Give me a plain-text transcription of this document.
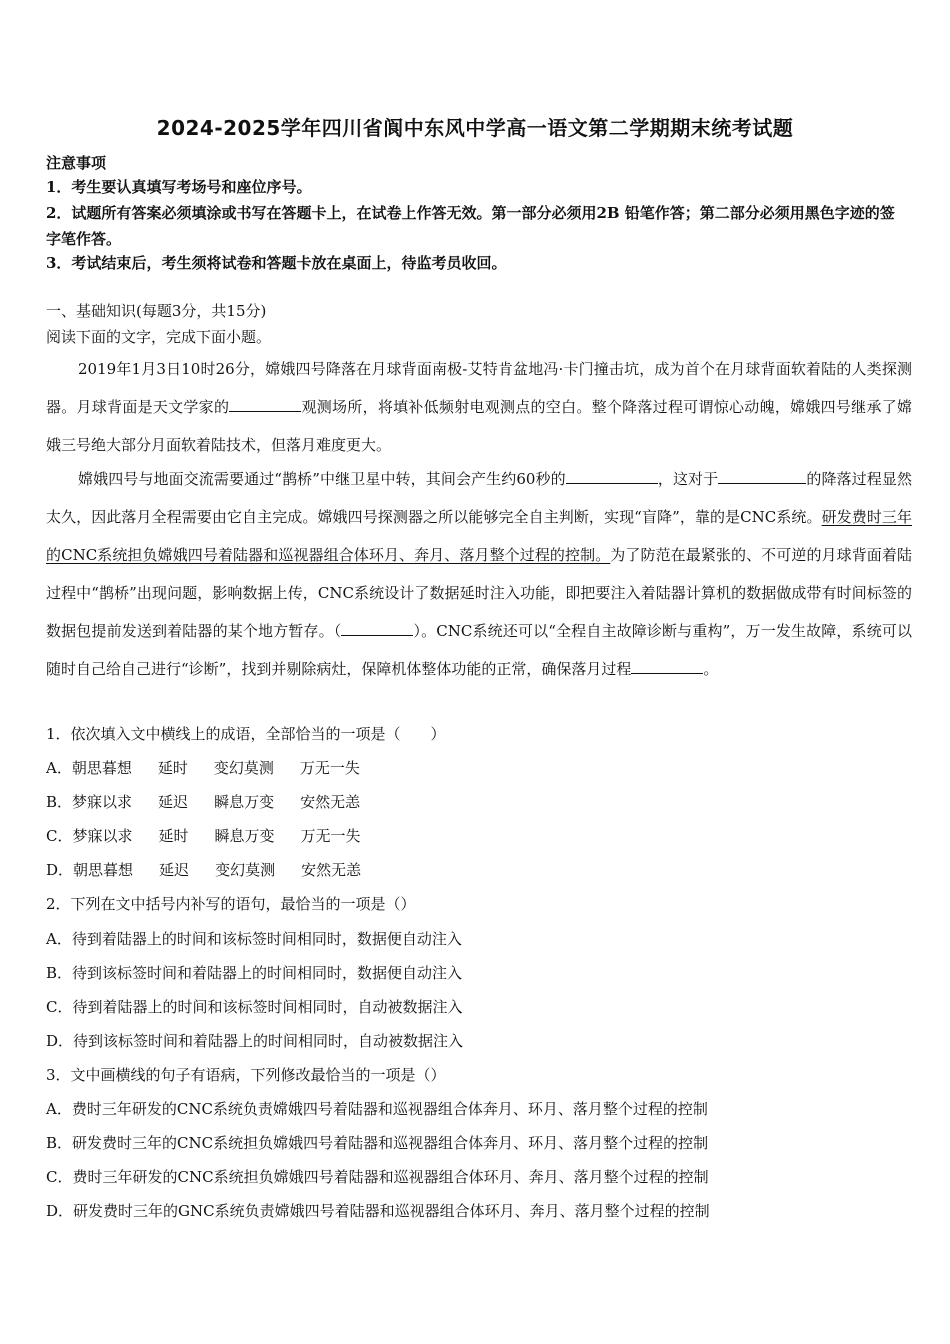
2024-2025学年四川省阆中东风中学高一语文第二学期期末统考试题
注意事项
1．考生要认真填写考场号和座位序号。
2．试题所有答案必须填涂或书写在答题卡上，在试卷上作答无效。第一部分必须用2B 铅笔作答；第二部分必须用黑色字迹的签字笔作答。
3．考试结束后，考生须将试卷和答题卡放在桌面上，待监考员收回。
一、基础知识(每题3分，共15分)
阅读下面的文字，完成下面小题。
2019年1月3日10时26分，嫦娥四号降落在月球背面南极-艾特肯盆地冯·卡门撞击坑，成为首个在月球背面软着陆的人类探测器。月球背面是天文学家的	观测场所，将填补低频射电观测点的空白。整个降落过程可谓惊心动魄，嫦娥四号继承了嫦娥三号绝大部分月面软着陆技术，但落月难度更大。
嫦娥四号与地面交流需要通过“鹊桥”中继卫星中转，其间会产生约60秒的	，这对于	的降落过程显然太久，因此落月全程需要由它自主完成。嫦娥四号探测器之所以能够完全自主判断，实现“盲降”，靠的是CNC系统。研发费时三年的CNC系统担负嫦娥四号着陆器和巡视器组合体环月、奔月、落月整个过程的控制。为了防范在最紧张的、不可逆的月球背面着陆过程中“鹊桥”出现问题，影响数据上传，CNC系统设计了数据延时注入功能，即把要注入着陆器计算机的数据做成带有时间标签的数据包提前发送到着陆器的某个地方暂存。（	）。CNC系统还可以“全程自主故障诊断与重构”，万一发生故障，系统可以随时自己给自己进行“诊断”，找到并剔除病灶，保障机体整体功能的正常，确保落月过程	。
1．依次填入文中横线上的成语，全部恰当的一项是（　　）
A．朝思暮想 延时 变幻莫测 万无一失
B．梦寐以求 延迟 瞬息万变 安然无恙
C．梦寐以求 延时 瞬息万变 万无一失
D．朝思暮想 延迟 变幻莫测 安然无恙
2．下列在文中括号内补写的语句，最恰当的一项是（）
A．待到着陆器上的时间和该标签时间相同时，数据便自动注入
B．待到该标签时间和着陆器上的时间相同时，数据便自动注入
C．待到着陆器上的时间和该标签时间相同时，自动被数据注入
D．待到该标签时间和着陆器上的时间相同时，自动被数据注入
3．文中画横线的句子有语病，下列修改最恰当的一项是（）
A．费时三年研发的CNC系统负责嫦娥四号着陆器和巡视器组合体奔月、环月、落月整个过程的控制
B．研发费时三年的CNC系统担负嫦娥四号着陆器和巡视器组合体奔月、环月、落月整个过程的控制
C．费时三年研发的CNC系统担负嫦娥四号着陆器和巡视器组合体环月、奔月、落月整个过程的控制
D．研发费时三年的GNC系统负责嫦娥四号着陆器和巡视器组合体环月、奔月、落月整个过程的控制
